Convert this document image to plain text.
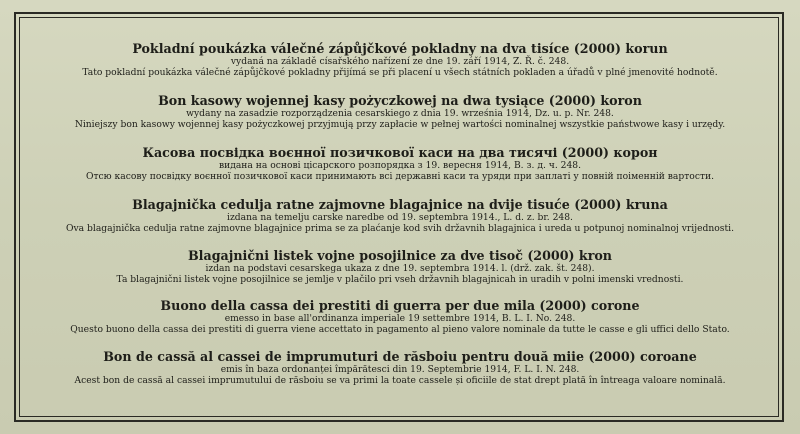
Pokladní poukázka válečné zápůjčkové pokladny na dva tisíce (2000) korun
vydaná na základě císařského nařízení ze dne 19. září 1914, Z. Ř. č. 248.
Tato pokladní poukázka válečné zápůjčkové pokladny přijímá se při placení u všech státních pokladen a úřadů v plné jmenovité hodnotě.
Bon kasowy wojennej kasy pożyczkowej na dwa tysiące (2000) koron
wydany na zasadzie rozporządzenia cesarskiego z dnia 19. września 1914, Dz. u. p. Nr. 248.
Niniejszy bon kasowy wojennej kasy pożyczkowej przyjmują przy zapłacie w pełnej wartości nominalnej wszystkie państwowe kasy i urzędy.
Касова посвідка воєнної позичкової каси на два тисячі (2000) корон
видана на основі цісарского розпорядка з 19. вересня 1914, В. з. д. ч. 248.
Отсю касову посвідку воєнної позичкової каси принимають всі державні каси та уряди при заплаті у повній поіменній вартости.
Blagajnička cedulja ratne zajmovne blagajnice na dvije tisuće (2000) kruna
izdana na temelju carske naredbe od 19. septembra 1914., L. d. z. br. 248.
Ova blagajnička cedulja ratne zajmovne blagajnice prima se za plaćanje kod svih državnih blagajnica i ureda u potpunoj nominalnoj vrijednosti.
Blagajnični listek vojne posojilnice za dve tisoč (2000) kron
izdan na podstavi cesarskega ukaza z dne 19. septembra 1914. l. (drž. zak. št. 248).
Ta blagajnični listek vojne posojilnice se jemlje v plačilo pri vseh državnih blagajnicah in uradih v polni imenski vrednosti.
Buono della cassa dei prestiti di guerra per due mila (2000) corone
emesso in base all'ordinanza imperiale 19 settembre 1914, B. L. I. No. 248.
Questo buono della cassa dei prestiti di guerra viene accettato in pagamento al pieno valore nominale da tutte le casse e gli uffici dello Stato.
Bon de cassă al cassei de imprumuturi de răsboiu pentru două miie (2000) coroane
emis în baza ordonanței împărătesci din 19. Septembrie 1914, F. L. I. N. 248.
Acest bon de cassă al cassei imprumutului de răsboiu se va primi la toate cassele și oficiile de stat drept plată în întreaga valoare nominală.
